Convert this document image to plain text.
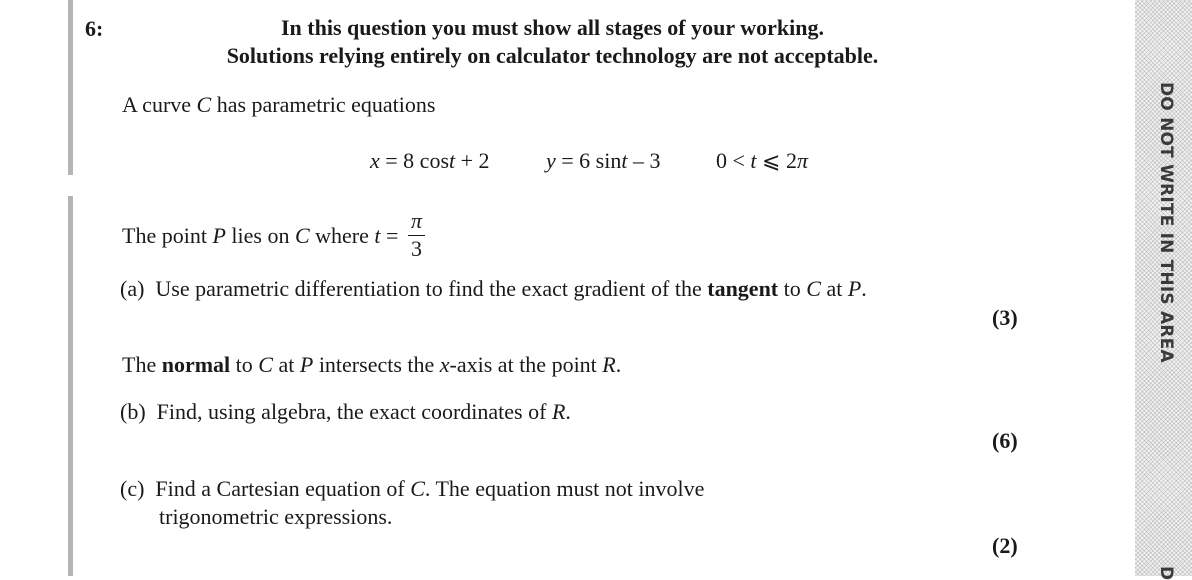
6:	In this question you must show all stages of your working.
Solutions relying entirely on calculator technology are not acceptable.
A curve C has parametric equations
x = 8 cost + 2	y = 6 sint – 3	0 < t ⩽ 2π
The point P lies on C where $t = \frac{\pi}{3}$
(a) Use parametric differentiation to find the exact gradient of the tangent to C at P.
(3)
The normal to C at P intersects the x-axis at the point R.
(b) Find, using algebra, the exact coordinates of R.
(6)
(c) Find a Cartesian equation of C. The equation must not involve
trigonometric expressions.
(2)
DO NOT WRITE IN THIS AREA
D
